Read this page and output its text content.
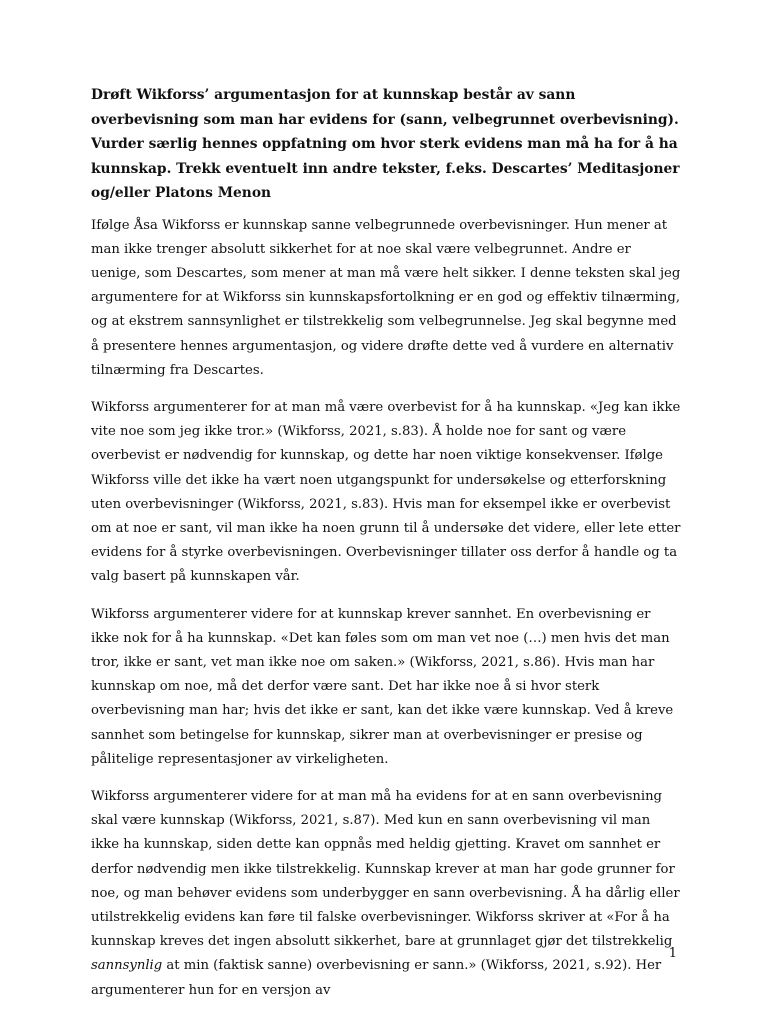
Drøft Wikforss’ argumentasjon for at kunnskap består av sann overbevisning som man har evidens for (sann, velbegrunnet overbevisning). Vurder særlig hennes oppfatning om hvor sterk evidens man må ha for å ha kunnskap. Trekk eventuelt inn andre tekster, f.eks. Descartes’ Meditasjoner og/eller Platons Menon

Ifølge Åsa Wikforss er kunnskap sanne velbegrunnede overbevisninger. Hun mener at man ikke trenger absolutt sikkerhet for at noe skal være velbegrunnet. Andre er uenige, som Descartes, som mener at man må være helt sikker. I denne teksten skal jeg argumentere for at Wikforss sin kunnskapsfortolkning er en god og effektiv tilnærming, og at ekstrem sannsynlighet er tilstrekkelig som velbegrunnelse. Jeg skal begynne med å presentere hennes argumentasjon, og videre drøfte dette ved å vurdere en alternativ tilnærming fra Descartes.

Wikforss argumenterer for at man må være overbevist for å ha kunnskap. «Jeg kan ikke vite noe som jeg ikke tror.» (Wikforss, 2021, s.83). Å holde noe for sant og være overbevist er nødvendig for kunnskap, og dette har noen viktige konsekvenser. Ifølge Wikforss ville det ikke ha vært noen utgangspunkt for undersøkelse og etterforskning uten overbevisninger (Wikforss, 2021, s.83). Hvis man for eksempel ikke er overbevist om at noe er sant, vil man ikke ha noen grunn til å undersøke det videre, eller lete etter evidens for å styrke overbevisningen. Overbevisninger tillater oss derfor å handle og ta valg basert på kunnskapen vår.

Wikforss argumenterer videre for at kunnskap krever sannhet. En overbevisning er ikke nok for å ha kunnskap. «Det kan føles som om man vet noe (…) men hvis det man tror, ikke er sant, vet man ikke noe om saken.» (Wikforss, 2021, s.86). Hvis man har kunnskap om noe, må det derfor være sant. Det har ikke noe å si hvor sterk overbevisning man har; hvis det ikke er sant, kan det ikke være kunnskap. Ved å kreve sannhet som betingelse for kunnskap, sikrer man at overbevisninger er presise og pålitelige representasjoner av virkeligheten.

Wikforss argumenterer videre for at man må ha evidens for at en sann overbevisning skal være kunnskap (Wikforss, 2021, s.87). Med kun en sann overbevisning vil man ikke ha kunnskap, siden dette kan oppnås med heldig gjetting. Kravet om sannhet er derfor nødvendig men ikke tilstrekkelig. Kunnskap krever at man har gode grunner for noe, og man behøver evidens som underbygger en sann overbevisning. Å ha dårlig eller utilstrekkelig evidens kan føre til falske overbevisninger. Wikforss skriver at «For å ha kunnskap kreves det ingen absolutt sikkerhet, bare at grunnlaget gjør det tilstrekkelig sannsynlig at min (faktisk sanne) overbevisning er sann.» (Wikforss, 2021, s.92). Her argumenterer hun for en versjon av

1
